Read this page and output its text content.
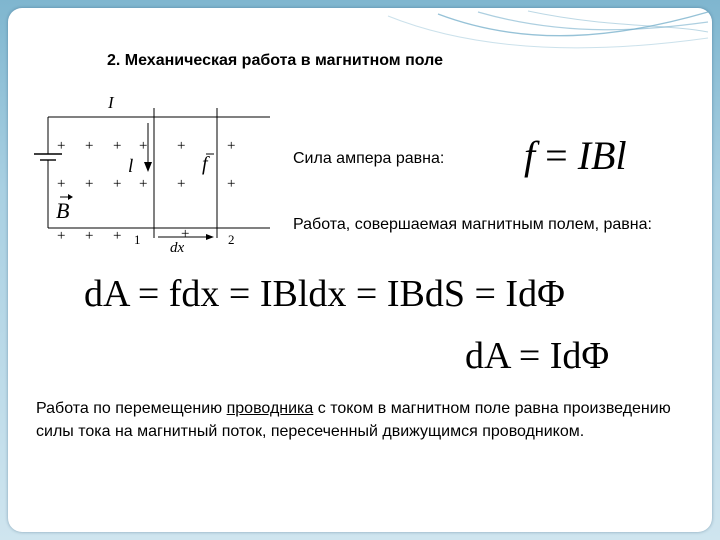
2. Механическая работа в магнитном поле
I
l	f
B
dx
1	2
+ + + + +	+
+ + + + +	+
+ + +	+
Сила ампера равна: f = IBl
Работа, совершаемая магнитным полем, равна:
dA = fdx = IBldx = IBdS = IdΦ
dA = IdΦ
Работа по перемещению проводника с током в магнитном поле равна произведению силы тока на магнитный поток, пересеченный движущимся проводником.
